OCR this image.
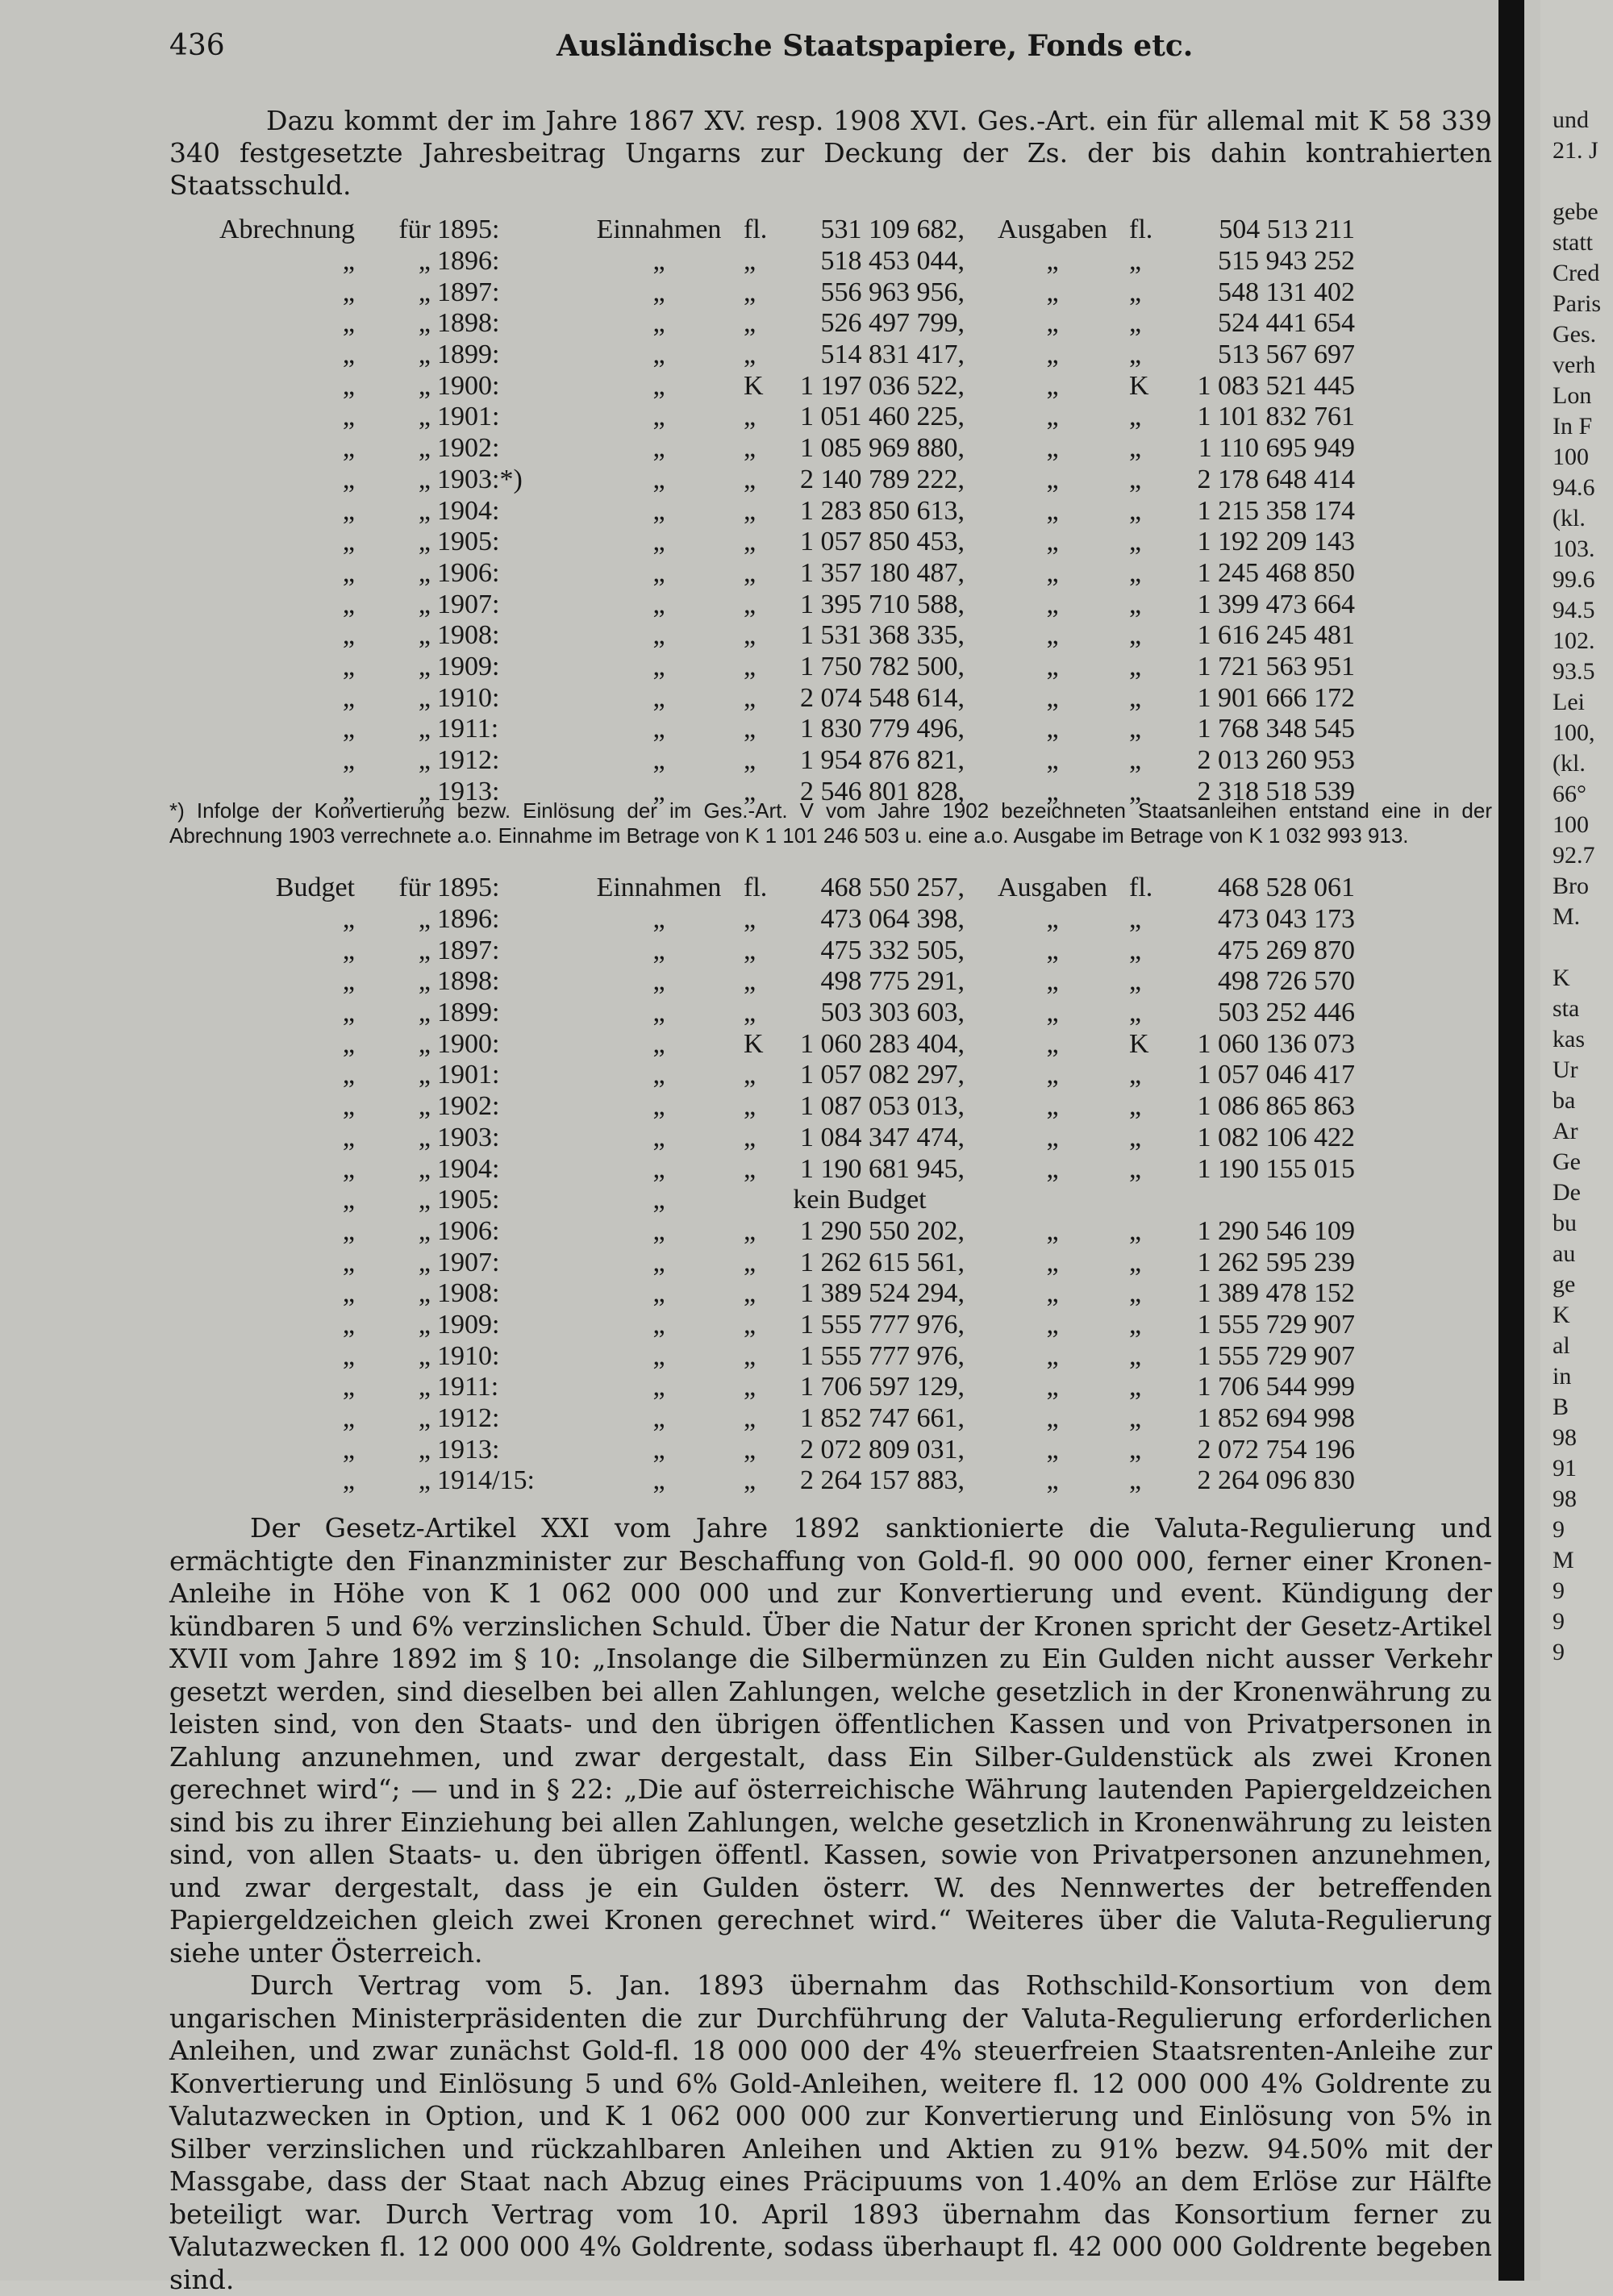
436	Ausländische Staatspapiere, Fonds etc.

Dazu kommt der im Jahre 1867 XV. resp. 1908 XVI. Ges.-Art. ein für allemal mit K 58 339 340 festgesetzte Jahresbeitrag Ungarns zur Deckung der Zs. der bis dahin kontrahierten Staatsschuld.

Abrechnung	für	1895:	Einnahmen	fl.	531 109 682,		Ausgaben	fl.	504 513 211
„	„	1896:	„	„	518 453 044,		„	„	515 943 252
„	„	1897:	„	„	556 963 956,		„	„	548 131 402
„	„	1898:	„	„	526 497 799,		„	„	524 441 654
„	„	1899:	„	„	514 831 417,		„	„	513 567 697
„	„	1900:	„	K	1 197 036 522,		„	K	1 083 521 445
„	„	1901:	„	„	1 051 460 225,		„	„	1 101 832 761
„	„	1902:	„	„	1 085 969 880,		„	„	1 110 695 949
„	„	1903:*)	„	„	2 140 789 222,		„	„	2 178 648 414
„	„	1904:	„	„	1 283 850 613,		„	„	1 215 358 174
„	„	1905:	„	„	1 057 850 453,		„	„	1 192 209 143
„	„	1906:	„	„	1 357 180 487,		„	„	1 245 468 850
„	„	1907:	„	„	1 395 710 588,		„	„	1 399 473 664
„	„	1908:	„	„	1 531 368 335,		„	„	1 616 245 481
„	„	1909:	„	„	1 750 782 500,		„	„	1 721 563 951
„	„	1910:	„	„	2 074 548 614,		„	„	1 901 666 172
„	„	1911:	„	„	1 830 779 496,		„	„	1 768 348 545
„	„	1912:	„	„	1 954 876 821,		„	„	2 013 260 953
„	„	1913:	„	„	2 546 801 828,		„	„	2 318 518 539
*) Infolge der Konvertierung bezw. Einlösung der im Ges.-Art. V vom Jahre 1902 bezeichneten Staatsanleihen entstand eine in der Abrechnung 1903 verrechnete a.o. Einnahme im Betrage von K 1 101 246 503 u. eine a.o. Ausgabe im Betrage von K 1 032 993 913.
Budget	für	1895:	Einnahmen	fl.	468 550 257,		Ausgaben	fl.	468 528 061
„	„	1896:	„	„	473 064 398,		„	„	473 043 173
„	„	1897:	„	„	475 332 505,		„	„	475 269 870
„	„	1898:	„	„	498 775 291,		„	„	498 726 570
„	„	1899:	„	„	503 303 603,		„	„	503 252 446
„	„	1900:	„	K	1 060 283 404,		„	K	1 060 136 073
„	„	1901:	„	„	1 057 082 297,		„	„	1 057 046 417
„	„	1902:	„	„	1 087 053 013,		„	„	1 086 865 863
„	„	1903:	„	„	1 084 347 474,		„	„	1 082 106 422
„	„	1904:	„	„	1 190 681 945,		„	„	1 190 155 015
„	„	1905:	„	kein Budget					
„	„	1906:	„	„	1 290 550 202,		„	„	1 290 546 109
„	„	1907:	„	„	1 262 615 561,		„	„	1 262 595 239
„	„	1908:	„	„	1 389 524 294,		„	„	1 389 478 152
„	„	1909:	„	„	1 555 777 976,		„	„	1 555 729 907
„	„	1910:	„	„	1 555 777 976,		„	„	1 555 729 907
„	„	1911:	„	„	1 706 597 129,		„	„	1 706 544 999
„	„	1912:	„	„	1 852 747 661,		„	„	1 852 694 998
„	„	1913:	„	„	2 072 809 031,		„	„	2 072 754 196
„	„	1914/15:	„	„	2 264 157 883,		„	„	2 264 096 830

Der Gesetz-Artikel XXI vom Jahre 1892 sanktionierte die Valuta-Regulierung und ermächtigte den Finanzminister zur Beschaffung von Gold-fl. 90 000 000, ferner einer Kronen-Anleihe in Höhe von K 1 062 000 000 und zur Konvertierung und event. Kündigung der kündbaren 5 und 6% verzinslichen Schuld. Über die Natur der Kronen spricht der Gesetz-Artikel XVII vom Jahre 1892 im § 10: „Insolange die Silbermünzen zu Ein Gulden nicht ausser Verkehr gesetzt werden, sind dieselben bei allen Zahlungen, welche gesetzlich in der Kronenwährung zu leisten sind, von den Staats- und den übrigen öffentlichen Kassen und von Privatpersonen in Zahlung anzunehmen, und zwar dergestalt, dass Ein Silber-Guldenstück als zwei Kronen gerechnet wird“; — und in § 22: „Die auf österreichische Währung lautenden Papiergeldzeichen sind bis zu ihrer Einziehung bei allen Zahlungen, welche gesetzlich in Kronenwährung zu leisten sind, von allen Staats- u. den übrigen öffentl. Kassen, sowie von Privatpersonen anzunehmen, und zwar dergestalt, dass je ein Gulden österr. W. des Nennwertes der betreffenden Papiergeldzeichen gleich zwei Kronen gerechnet wird.“ Weiteres über die Valuta-Regulierung siehe unter Österreich.

Durch Vertrag vom 5. Jan. 1893 übernahm das Rothschild-Konsortium von dem ungarischen Ministerpräsidenten die zur Durchführung der Valuta-Regulierung erforderlichen Anleihen, und zwar zunächst Gold-fl. 18 000 000 der 4% steuerfreien Staatsrenten-Anleihe zur Konvertierung und Einlösung 5 und 6% Gold-Anleihen, weitere fl. 12 000 000 4% Goldrente zu Valutazwecken in Option, und K 1 062 000 000 zur Konvertierung und Einlösung von 5% in Silber verzinslichen und rückzahlbaren Anleihen und Aktien zu 91% bezw. 94.50% mit der Massgabe, dass der Staat nach Abzug eines Präcipuums von 1.40% an dem Erlöse zur Hälfte beteiligt war. Durch Vertrag vom 10. April 1893 übernahm das Konsortium ferner zu Valutazwecken fl. 12 000 000 4% Goldrente, sodass überhaupt fl. 42 000 000 Goldrente begeben sind.

und
21. J
gebe
statt
Cred
Paris
Ges.
verh
Lon
In F
100
94.6
(kl.
103.
99.6
94.5
102.
93.5
Lei
100,
(kl.
66°
100
92.7
Bro
M.
K
sta
kas
Ur
ba
Ar
Ge
De
bu
au
ge
K
al
in
B
98
91
98
9
M
9
9
9
